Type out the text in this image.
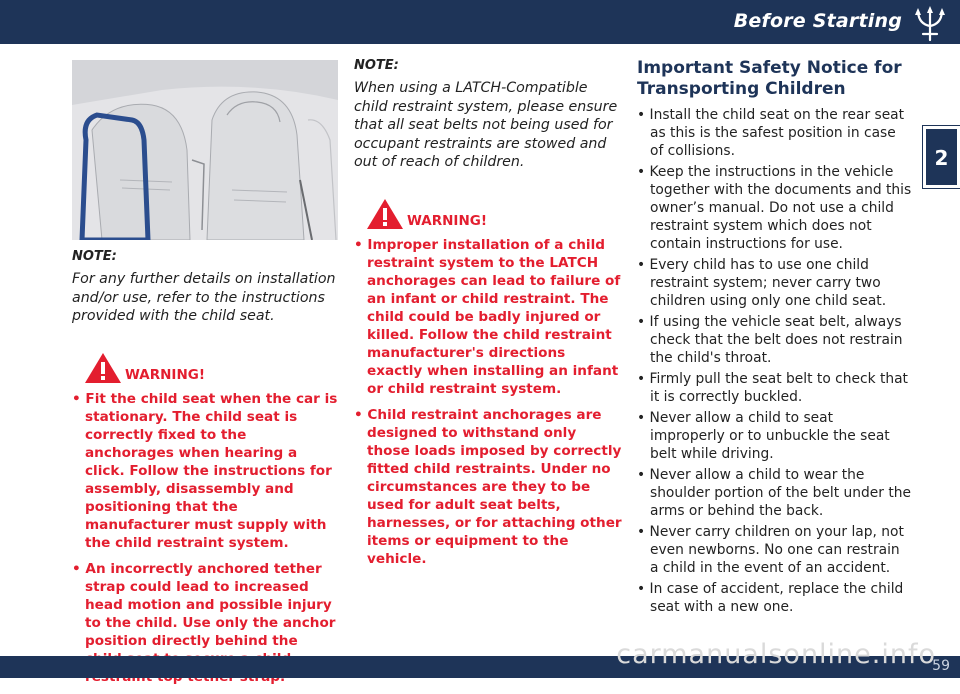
Before Starting
2

NOTE:

For any further details on installation and/or use, refer to the instructions provided with the child seat.

WARNING!
• Fit the child seat when the car is stationary. The child seat is correctly fixed to the anchorages when hearing a click. Follow the instructions for assembly, disassembly and positioning that the manufacturer must supply with the child restraint system.
• An incorrectly anchored tether strap could lead to increased head motion and possible injury to the child. Use only the anchor position directly behind the

NOTE:

When using a LATCH-Compatible child restraint system, please ensure that all seat belts not being used for occupant restraints are stowed and out of reach of children.

WARNING!
• Improper installation of a child restraint system to the LATCH anchorages can lead to failure of an infant or child restraint. The child could be badly injured or killed. Follow the child restraint manufacturer's directions exactly when installing an infant or child restraint system.
• Child restraint anchorages are designed to withstand only those loads imposed by correctly fitted child restraints. Under no circumstances are they to be used for adult seat belts, harnesses, or for attaching other items or equipment to the vehicle.
Important Safety Notice for Transporting Children
• Install the child seat on the rear seat as this is the safest position in case of collisions.
• Keep the instructions in the vehicle together with the documents and this owner’s manual. Do not use a child restraint system which does not contain instructions for use.
• Every child has to use one child restraint system; never carry two children using only one child seat.
• If using the vehicle seat belt, always check that the belt does not restrain the child's throat.
• Firmly pull the seat belt to check that it is correctly buckled.
• Never allow a child to seat improperly or to unbuckle the seat belt while driving.
• Never allow a child to wear the shoulder portion of the belt under the arms or behind the back.
• Never carry children on your lap, not even newborns. No one can restrain a child in the event of an accident.
• In case of accident, replace the child seat with a new one.
59
carmanualsonline.info
